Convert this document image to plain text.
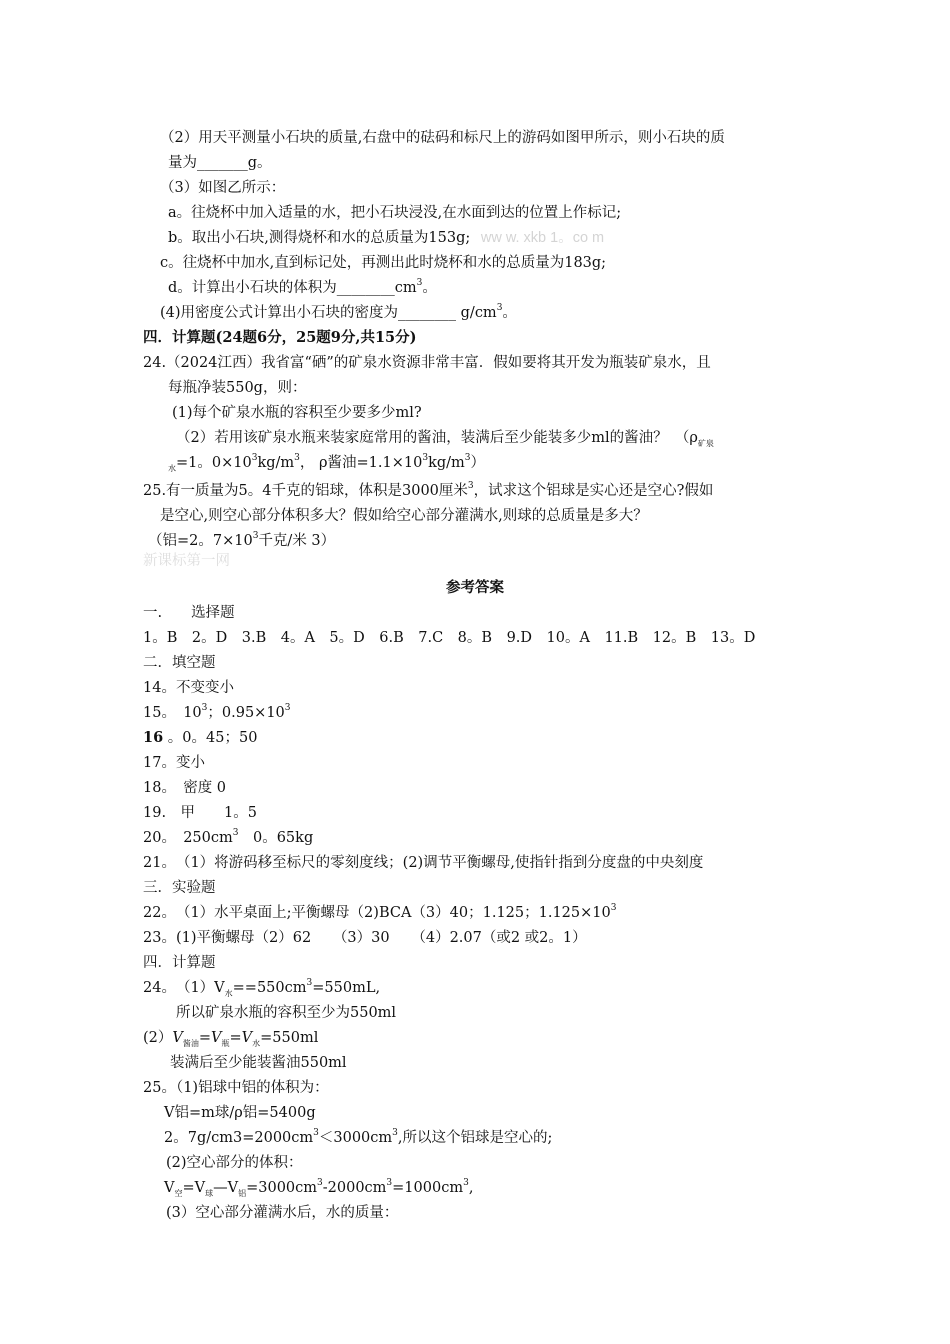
（2）用天平测量小石块的质量,右盘中的砝码和标尺上的游码如图甲所示，则小石块的质
量为_______g。
（3）如图乙所示：
a。往烧杯中加入适量的水，把小石块浸没,在水面到达的位置上作标记;
b。取出小石块,测得烧杯和水的总质量为153g; ww w. xkb 1。co m
c。往烧杯中加水,直到标记处，再测出此时烧杯和水的总质量为183g;
d。计算出小石块的体积为$\_\_\_\_\_\_\_\_cm^3$。
(4)用密度公式计算出小石块的密度为________ $g/cm^3$。
四．计算题(24题6分，25题9分,共15分)
24.（2024江西）我省富“硒”的矿泉水资源非常丰富．假如要将其开发为瓶装矿泉水，且
每瓶净装550g，则：
(1)每个矿泉水瓶的容积至少要多少ml?
（2）若用该矿泉水瓶来装家庭常用的酱油，装满后至少能装多少ml的酱油？　（$\rho_{矿泉}$
$_水$=1。$0\times 10^3kg/m^3$， ρ酱油$=1.1\times 10^3kg/m^3$）
25.有一质量为5。4千克的铝球，体积是3000厘米$^3$，试求这个铝球是实心还是空心?假如
是空心,则空心部分体积多大？假如给空心部分灌满水,则球的总质量是多大？
（铝=2。$7\times 10^3$千克/米 3）
新课标第一网
参考答案
一.　　选择题
1。B　2。D　3.B　4。A　5。D　6.B　7.C　8。B　9.D　10。A　11.B　12。B　13。D
二．填空题
14。不变变小
15。　$10^3$；$0.95\times 10^3$
16 。0。45；50
17。变小
18。　密度 0
19.　甲　　1。5
20。　$250cm^3$　0。65kg
21。　（1）将游码移至标尺的零刻度线；(2)调节平衡螺母,使指针指到分度盘的中央刻度
三．实验题
22。　（1）水平桌面上;平衡螺母（2)BCA（3）40；1.125；$1.125\times 10^3$
23。(1)平衡螺母（2）62　　（3）30　　（4）2.07（或2 或2。1）
四．计算题
24。　$(1)V_水==550cm^3=550mL$,
所以矿泉水瓶的容积至少为550ml
$(2)V_{酱油}=V_瓶=V_水=550ml$
装满后至少能装酱油550ml
25。（1)铝球中铝的体积为：
V铝=m球/ρ铝=5400g
2。$7g/cm3=2000cm^3<3000cm^3$,所以这个铝球是空心的;
(2)空心部分的体积：
$V_空=V_球—V_铝=3000cm^3-2000cm^3=1000cm^3$,
(3）空心部分灌满水后，水的质量：
